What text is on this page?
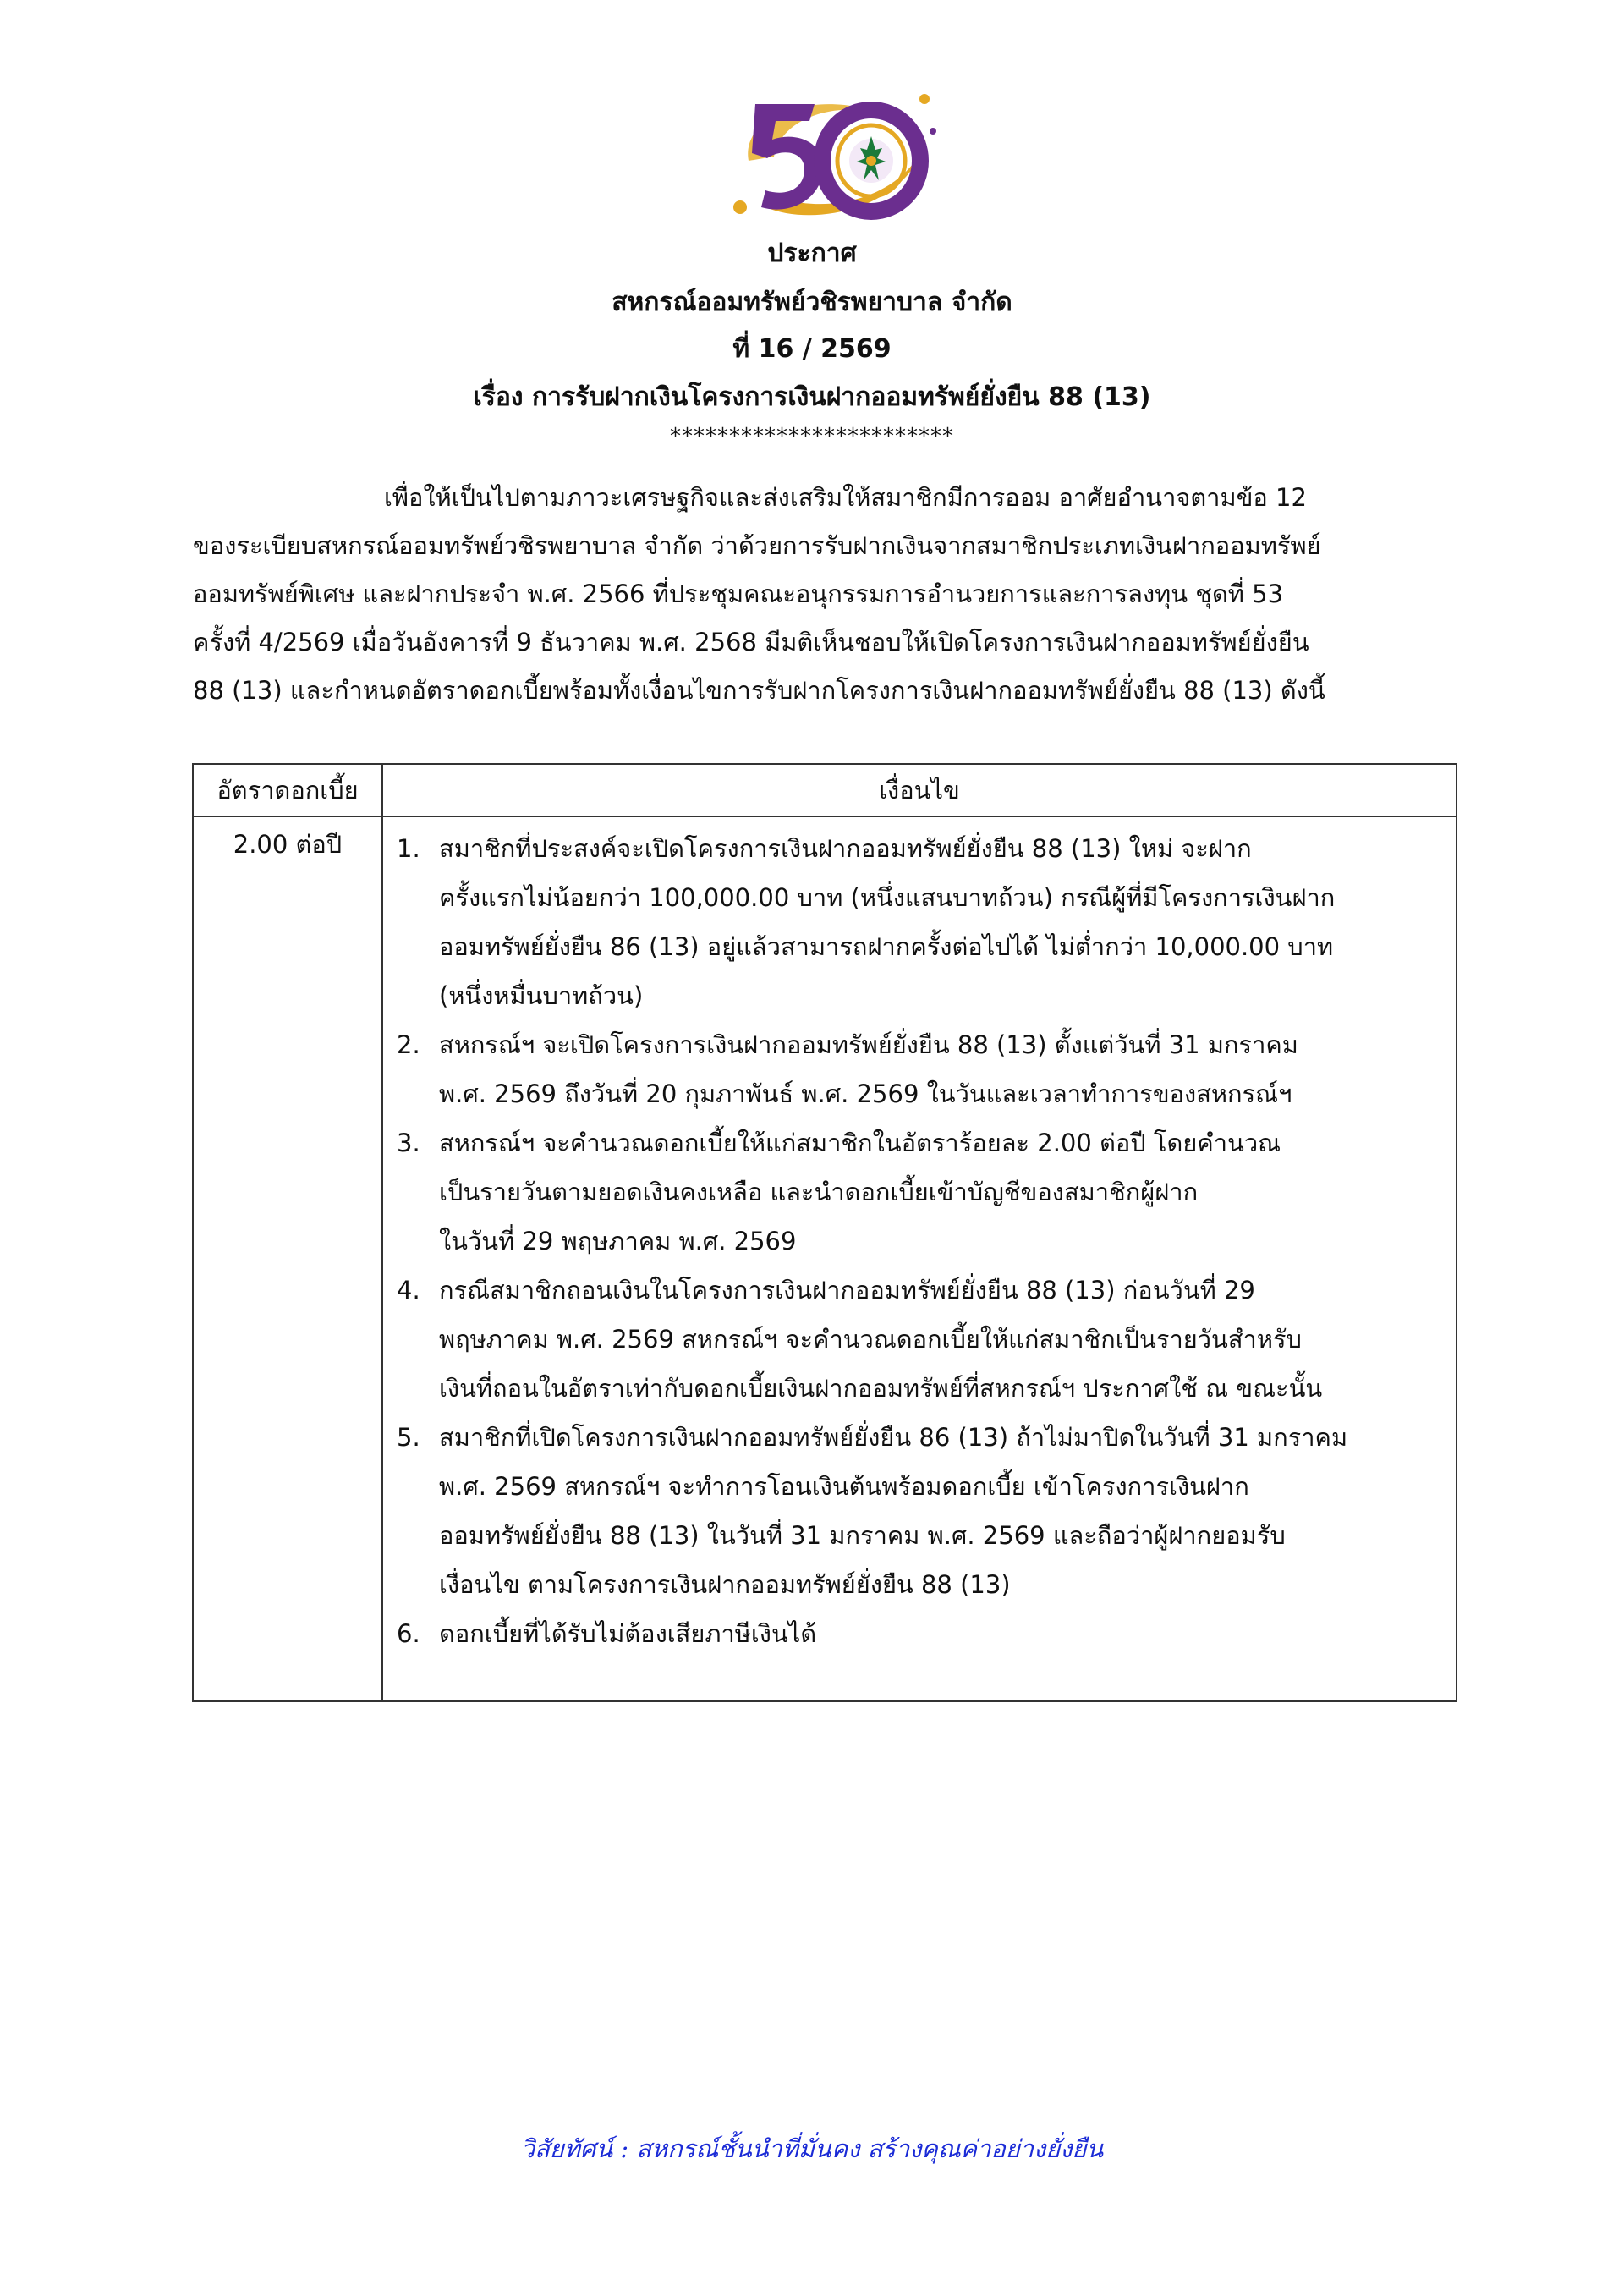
ประกาศ
สหกรณ์ออมทรัพย์วชิรพยาบาล จำกัด
ที่ 16 / 2569
เรื่อง การรับฝากเงินโครงการเงินฝากออมทรัพย์ยั่งยืน 88 (13)
************************
เพื่อให้เป็นไปตามภาวะเศรษฐกิจและส่งเสริมให้สมาชิกมีการออม อาศัยอำนาจตามข้อ 12
ของระเบียบสหกรณ์ออมทรัพย์วชิรพยาบาล จำกัด ว่าด้วยการรับฝากเงินจากสมาชิกประเภทเงินฝากออมทรัพย์
ออมทรัพย์พิเศษ และฝากประจำ พ.ศ. 2566 ที่ประชุมคณะอนุกรรมการอำนวยการและการลงทุน ชุดที่ 53
ครั้งที่ 4/2569 เมื่อวันอังคารที่ 9 ธันวาคม พ.ศ. 2568 มีมติเห็นชอบให้เปิดโครงการเงินฝากออมทรัพย์ยั่งยืน
88 (13) และกำหนดอัตราดอกเบี้ยพร้อมทั้งเงื่อนไขการรับฝากโครงการเงินฝากออมทรัพย์ยั่งยืน 88 (13) ดังนี้
อัตราดอกเบี้ย	เงื่อนไข
2.00 ต่อปี	1. สมาชิกที่ประสงค์จะเปิดโครงการเงินฝากออมทรัพย์ยั่งยืน 88 (13) ใหม่ จะฝาก
ครั้งแรกไม่น้อยกว่า 100,000.00 บาท (หนึ่งแสนบาทถ้วน) กรณีผู้ที่มีโครงการเงินฝาก
ออมทรัพย์ยั่งยืน 86 (13) อยู่แล้วสามารถฝากครั้งต่อไปได้ ไม่ต่ำกว่า 10,000.00 บาท
(หนึ่งหมื่นบาทถ้วน)
2. สหกรณ์ฯ จะเปิดโครงการเงินฝากออมทรัพย์ยั่งยืน 88 (13) ตั้งแต่วันที่ 31 มกราคม
พ.ศ. 2569 ถึงวันที่ 20 กุมภาพันธ์ พ.ศ. 2569 ในวันและเวลาทำการของสหกรณ์ฯ
3. สหกรณ์ฯ จะคำนวณดอกเบี้ยให้แก่สมาชิกในอัตราร้อยละ 2.00 ต่อปี โดยคำนวณ
เป็นรายวันตามยอดเงินคงเหลือ และนำดอกเบี้ยเข้าบัญชีของสมาชิกผู้ฝาก
ในวันที่ 29 พฤษภาคม พ.ศ. 2569
4. กรณีสมาชิกถอนเงินในโครงการเงินฝากออมทรัพย์ยั่งยืน 88 (13) ก่อนวันที่ 29
พฤษภาคม พ.ศ. 2569 สหกรณ์ฯ จะคำนวณดอกเบี้ยให้แก่สมาชิกเป็นรายวันสำหรับ
เงินที่ถอนในอัตราเท่ากับดอกเบี้ยเงินฝากออมทรัพย์ที่สหกรณ์ฯ ประกาศใช้ ณ ขณะนั้น
5. สมาชิกที่เปิดโครงการเงินฝากออมทรัพย์ยั่งยืน 86 (13) ถ้าไม่มาปิดในวันที่ 31 มกราคม
พ.ศ. 2569 สหกรณ์ฯ จะทำการโอนเงินต้นพร้อมดอกเบี้ย เข้าโครงการเงินฝาก
ออมทรัพย์ยั่งยืน 88 (13) ในวันที่ 31 มกราคม พ.ศ. 2569 และถือว่าผู้ฝากยอมรับ
เงื่อนไข ตามโครงการเงินฝากออมทรัพย์ยั่งยืน 88 (13)
6. ดอกเบี้ยที่ได้รับไม่ต้องเสียภาษีเงินได้
วิสัยทัศน์ : สหกรณ์ชั้นนำที่มั่นคง สร้างคุณค่าอย่างยั่งยืน
